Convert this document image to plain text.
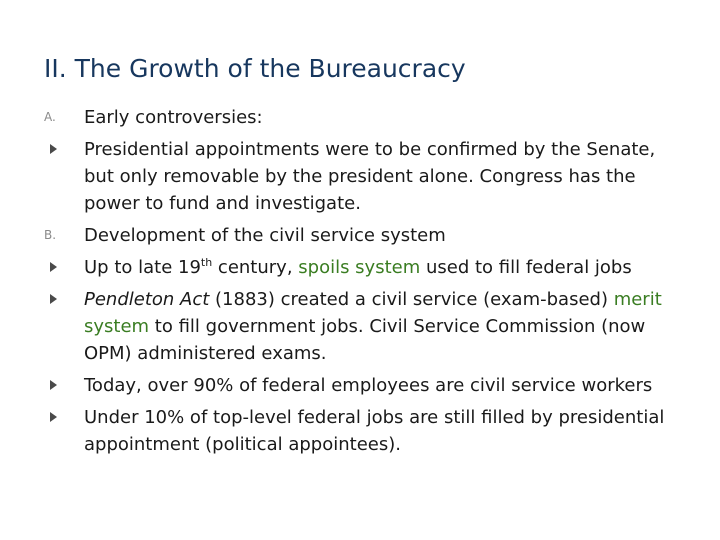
II. The Growth of the Bureaucracy
A.	Early controversies:
Presidential appointments were to be confirmed by the Senate, but only removable by the president alone. Congress has the power to fund and investigate.
B.	Development of the civil service system
Up to late 19th century, spoils system used to fill federal jobs
Pendleton Act (1883) created a civil service (exam-based) merit system to fill government jobs. Civil Service Commission (now OPM) administered exams.
Today, over 90% of federal employees are civil service workers
Under 10% of top-level federal jobs are still filled by presidential appointment (political appointees).
